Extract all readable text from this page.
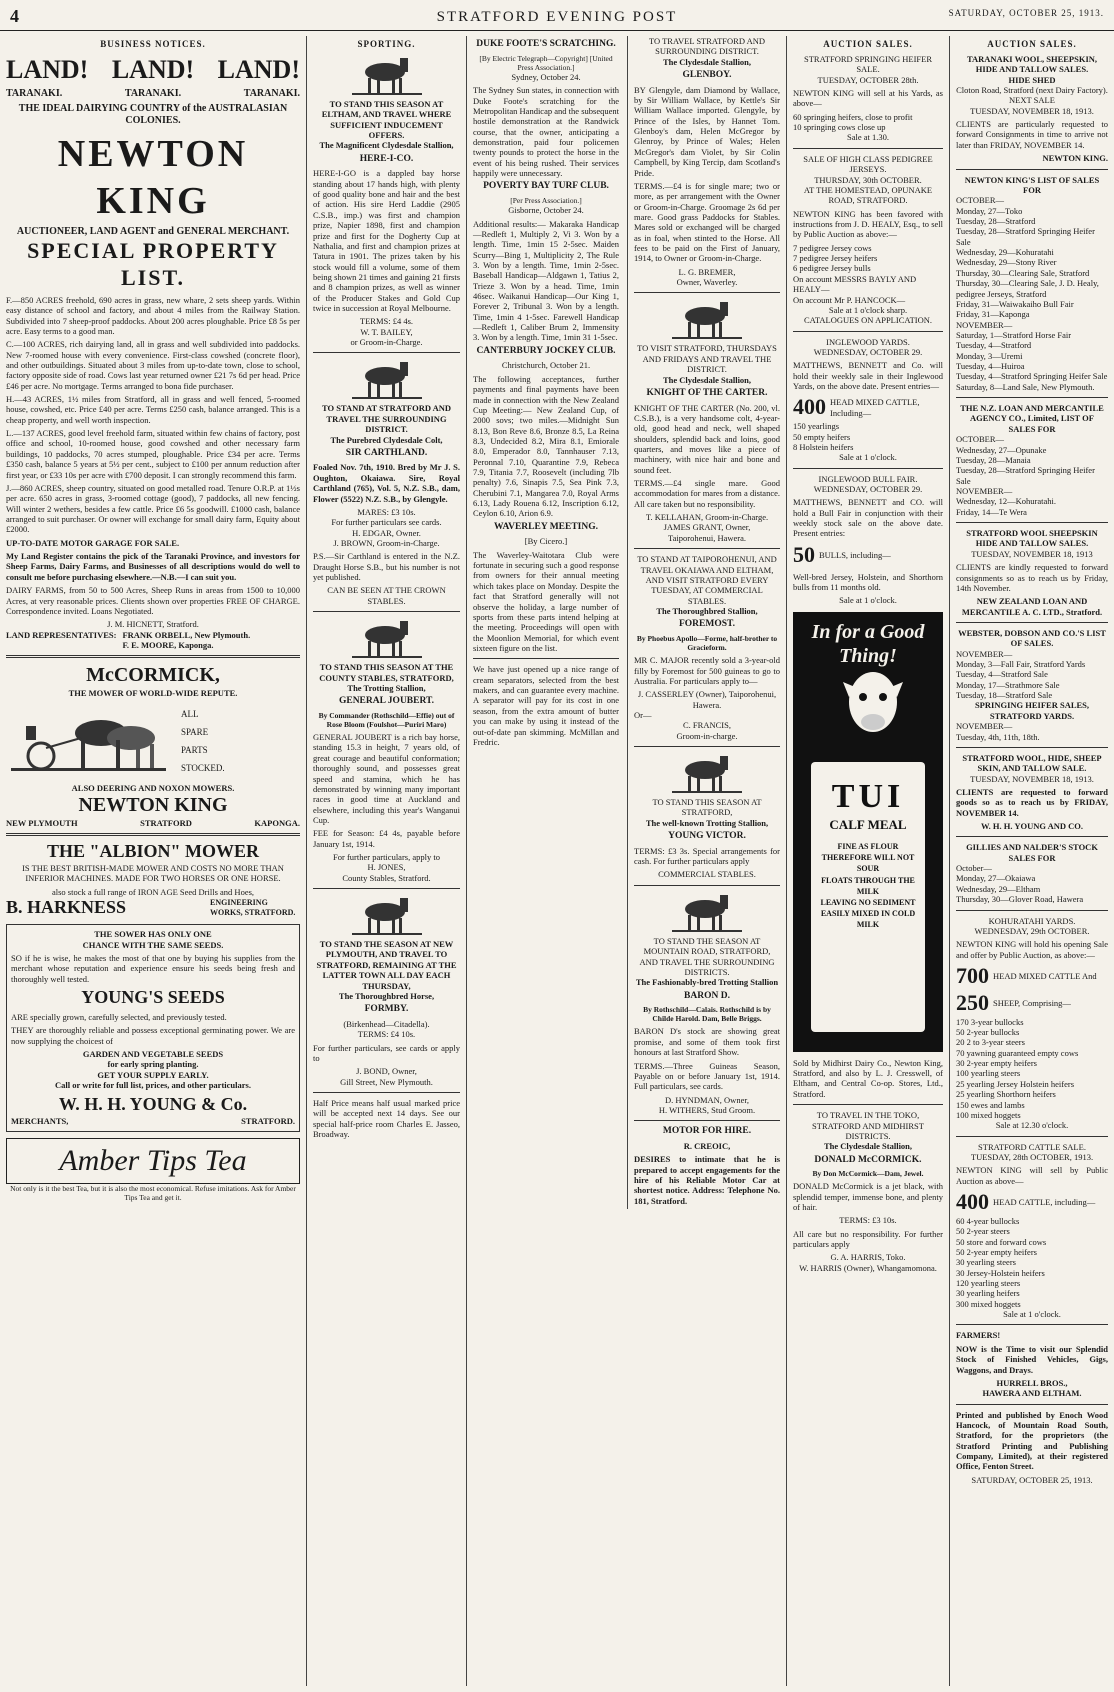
4	STRATFORD EVENING POST	SATURDAY, OCTOBER 25, 1913.
BUSINESS NOTICES.
LAND! LAND! LAND!
TARANAKI.	TARANAKI.	TARANAKI.
THE IDEAL DAIRYING COUNTRY of the AUSTRALASIAN COLONIES.
NEWTON KING
AUCTIONEER, LAND AGENT and GENERAL MERCHANT.
SPECIAL PROPERTY LIST.
F.—850 ACRES freehold, 690 acres in grass, new whare, 2 sets sheep yards. Within easy distance of school and factory, and about 4 miles from the Railway Station. Subdivided into 7 sheep-proof paddocks. About 200 acres ploughable. Price £8 5s per acre. Easy terms to a good man.
C.—100 ACRES, rich dairying land, all in grass and well subdivided into paddocks. New 7-roomed house with every convenience. First-class cowshed (concrete floor), and other outbuildings. Situated about 3 miles from up-to-date town, close to school, factory opposite side of road. Cows last year returned owner £21 7s 6d per head. Price £46 per acre. No mortgage. Terms arranged to bona fide purchaser.
H.—43 ACRES, 1½ miles from Stratford, all in grass and well fenced, 5-roomed house, cowshed, etc. Price £40 per acre. Terms £250 cash, balance arranged. This is a cheap property, and well worth inspection.
L.—137 ACRES, good level freehold farm, situated within few chains of factory, post office and school, 10-roomed house, good cowshed and other necessary farm buildings, 10 paddocks, 70 acres stumped, ploughable. Price £34 per acre. Terms £350 cash, balance 5 years at 5½ per cent., subject to £100 per annum reduction after first year, or £33 10s per acre with £700 deposit. I can strongly recommend this farm.
J.—860 ACRES, sheep country, situated on good metalled road. Tenure O.R.P. at 1½s per acre. 650 acres in grass, 3-roomed cottage (good), 7 paddocks, all new fencing. Will winter 2 wethers, besides a few cattle. Price £6 5s goodwill. £1000 cash, balance arranged to suit purchaser. Or owner will exchange for small dairy farm, Equity about £2000.
UP-TO-DATE MOTOR GARAGE FOR SALE.
My Land Register contains the pick of the Taranaki Province, and investors for Sheep Farms, Dairy Farms, and Businesses of all descriptions would do well to consult me before purchasing elsewhere.—N.B.—I can suit you.
DAIRY FARMS, from 50 to 500 Acres, Sheep Runs in areas from 1500 to 10,000 Acres, at very reasonable prices. Clients shown over properties FREE OF CHARGE. Correspondence invited. Loans Negotiated.
J. M. HICNETT, Stratford.
LAND REPRESENTATIVES: FRANK ORBELL, New Plymouth.
F. E. MOORE, Kaponga.
McCORMICK,
THE MOWER OF WORLD-WIDE REPUTE.
ALL
SPARE
PARTS
STOCKED.
ALSO DEERING AND NOXON MOWERS.
NEWTON KING
NEW PLYMOUTH	STRATFORD	KAPONGA.
THE "ALBION" MOWER
IS THE BEST BRITISH-MADE MOWER AND COSTS NO MORE THAN INFERIOR MACHINES. MADE FOR TWO HORSES OR ONE HORSE.
also stock a full range of IRON AGE Seed Drills and Hoes,
B. HARKNESS	ENGINEERING WORKS, STRATFORD.
THE SOWER HAS ONLY ONE
CHANCE WITH THE SAME SEEDS.
SO if he is wise, he makes the most of that one by buying his supplies from the merchant whose reputation and experience ensure his seeds being fresh and thoroughly well tested.
YOUNG'S SEEDS
ARE specially grown, carefully selected, and previously tested.
THEY are thoroughly reliable and possess exceptional germinating power. We are now supplying the choicest of
GARDEN AND VEGETABLE SEEDS
for early spring planting.
GET YOUR SUPPLY EARLY.
Call or write for full list, prices, and other particulars.
W. H. H. YOUNG & Co.
MERCHANTS,	STRATFORD.
Amber Tips Tea
Not only is it the best Tea, but it is also the most economical. Refuse imitations. Ask for Amber Tips Tea and get it.
SPORTING.
TO STAND THIS SEASON AT ELTHAM, AND TRAVEL WHERE SUFFICIENT INDUCEMENT OFFERS.
The Magnificent Clydesdale Stallion,
HERE-I-CO.
HERE-I-GO is a dappled bay horse standing about 17 hands high, with plenty of good quality bone and hair and the best of action. His sire Herd Laddie (2905 C.S.B., imp.) was first and champion prize, Napier 1898, first and champion prize and first for the Dogherty Cup at Nathalia, and first and champion prizes at Tatura in 1901. The prizes taken by his stock would fill a volume, some of them being shown 21 times and gaining 21 firsts and 8 champion prizes, as well as winner of the Producer Stakes and Gold Cup twice in succession at Royal Melbourne.
TERMS: £4 4s.
W. T. BAILEY,
or Groom-in-Charge.
TO STAND AT STRATFORD AND TRAVEL THE SURROUNDING DISTRICT.
The Purebred Clydesdale Colt,
SIR CARTHLAND.
Foaled Nov. 7th, 1910. Bred by Mr J. S. Oughton, Okaiawa. Sire, Royal Carthland (765), Vol. 5, N.Z. S.B., dam, Flower (5522) N.Z. S.B., by Glengyle.
MARES: £3 10s.
For further particulars see cards.
H. EDGAR, Owner.
J. BROWN, Groom-in-Charge.
P.S.—Sir Carthland is entered in the N.Z. Draught Horse S.B., but his number is not yet published.
CAN BE SEEN AT THE CROWN STABLES.
TO STAND THIS SEASON AT THE COUNTY STABLES, STRATFORD,
The Trotting Stallion,
GENERAL JOUBERT.
By Commander (Rothschild—Effie) out of Rose Bloom (Foulshot—Puriri Maro)
GENERAL JOUBERT is a rich bay horse, standing 15.3 in height, 7 years old, of great courage and beautiful conformation; thoroughly sound, and possesses great speed and stamina, which he has demonstrated by winning many important races in good time at Auckland and elsewhere, including this year's Wanganui Cup.
FEE for Season: £4 4s, payable before January 1st, 1914.
For further particulars, apply to
H. JONES,
County Stables, Stratford.
TO STAND THE SEASON AT NEW PLYMOUTH, AND TRAVEL TO STRATFORD, REMAINING AT THE LATTER TOWN ALL DAY EACH THURSDAY,
The Thoroughbred Horse,
FORMBY.
(Birkenhead—Citadella).
TERMS: £4 10s.
For further particulars, see cards or apply to
J. BOND, Owner,
Gill Street, New Plymouth.
Half Price means half usual marked price will be accepted next 14 days. See our special half-price room Charles E. Jasseo, Broadway.
DUKE FOOTE'S SCRATCHING.
[By Electric Telegraph—Copyright] [United Press Association.]
Sydney, October 24.
The Sydney Sun states, in connection with Duke Foote's scratching for the Metropolitan Handicap and the subsequent hostile demonstration at the Randwick course, that the owner, anticipating a demonstration, paid four policemen twenty pounds to protect the horse in the event of his being rushed. Their services happily were unnecessary.
POVERTY BAY TURF CLUB.
[Per Press Association.]
Gisborne, October 24.
Additional results:— Makaraka Handicap—Redleft 1, Multiply 2, Vi 3. Won by a length. Time, 1min 15 2-5sec. Maiden Scurry—Bing 1, Multiplicity 2, The Rule 3. Won by a length. Time, 1min 2-5sec. Baseball Handicap—Aldgawn 1, Tatius 2, Trieze 3. Won by a head. Time, 1min 46sec. Waikanui Handicap—Our King 1, Forever 2, Tribunal 3. Won by a length. Time, 1min 4 1-5sec. Farewell Handicap—Redleft 1, Caliber Brum 2, Immensity 3. Won by a length. Time, 1min 31 1-5sec.
CANTERBURY JOCKEY CLUB.
Christchurch, October 21.
The following acceptances, further payments and final payments have been made in connection with the New Zealand Cup Meeting:— New Zealand Cup, of 2000 sovs; two miles.—Midnight Sun 8.13, Bon Reve 8.6, Bronze 8.5, La Reina 8.3, Undecided 8.2, Mira 8.1, Emiorale 8.0, Emperador 8.0, Tannhauser 7.13, Peronnal 7.10, Quarantine 7.9, Rebeca 7.9, Titania 7.7, Roosevelt (including 7lb penalty) 7.6, Sinapis 7.5, Sea Pink 7.3, Cherubini 7.1, Mangarea 7.0, Royal Arms 6.13, Lady Rouena 6.12, Inscription 6.12, Ceylon 6.10, Arion 6.9.
WAVERLEY MEETING.
[By Cicero.]
The Waverley-Waitotara Club were fortunate in securing such a good response from owners for their annual meeting which takes place on Monday. Despite the fact that Stratford generally will not observe the holiday, a large number of sports from these parts intend helping at the meeting. Proceedings will open with the Moonlion Memorial, for which event sixteen figure on the list.
We have just opened up a nice range of cream separators, selected from the best makers, and can guarantee every machine. A separator will pay for its cost in one season, from the extra amount of butter you can make by using it instead of the out-of-date pan skimming. McMillan and Fredric.
TO TRAVEL STRATFORD AND SURROUNDING DISTRICT.
The Clydesdale Stallion,
GLENBOY.
BY Glengyle, dam Diamond by Wallace, by Sir William Wallace, by Kettle's Sir William Wallace imported. Glengyle, by Prince of the Isles, by Hannet Tom. Glenboy's dam, Helen McGregor by Glenroy, by Prince of Wales; Helen McGregor's dam Violet, by Sir Colin Campbell, by King Tercip, dam Scotland's Pride.
TERMS.—£4 is for single mare; two or more, as per arrangement with the Owner or Groom-in-Charge. Groomage 2s 6d per mare. Good grass Paddocks for Stables. Mares sold or exchanged will be charged as in foal, when stinted to the Horse. All fees to be paid on the First of January, 1914, to Owner or Groom-in-Charge.
L. G. BREMER,
Owner, Waverley.
TO VISIT STRATFORD, THURSDAYS AND FRIDAYS AND TRAVEL THE DISTRICT.
The Clydesdale Stallion,
KNIGHT OF THE CARTER.
KNIGHT OF THE CARTER (No. 200, vl. C.S.B.), is a very handsome colt, 4-year-old, good head and neck, well shaped shoulders, splendid back and loins, good quarters, and moves like a piece of machinery, with nice hair and bone and sound feet.
TERMS.—£4 single mare. Good accommodation for mares from a distance. All care taken but no responsibility.
T. KELLAHAN, Groom-in-Charge.
JAMES GRANT, Owner,
Taiporohenui, Hawera.
TO STAND AT TAIPOROHENUI, AND TRAVEL OKAIAWA AND ELTHAM, AND VISIT STRATFORD EVERY TUESDAY, AT COMMERCIAL STABLES.
The Thoroughbred Stallion,
FOREMOST.
By Phoebus Apollo—Forme, half-brother to Gracieform.
MR C. MAJOR recently sold a 3-year-old filly by Foremost for 500 guineas to go to Australia. For particulars apply to—
J. CASSERLEY (Owner), Taiporohenui, Hawera.
Or—
C. FRANCIS,
Groom-in-charge.
TO STAND THIS SEASON AT STRATFORD,
The well-known Trotting Stallion,
YOUNG VICTOR.
TERMS: £3 3s. Special arrangements for cash. For further particulars apply
COMMERCIAL STABLES.
TO STAND THE SEASON AT MOUNTAIN ROAD, STRATFORD, AND TRAVEL THE SURROUNDING DISTRICTS.
The Fashionably-bred Trotting Stallion
BARON D.
By Rothschild—Calais. Rothschild is by Childe Harold. Dam, Belle Briggs.
BARON D's stock are showing great promise, and some of them took first honours at last Stratford Show.
TERMS.—Three Guineas Season, Payable on or before January 1st, 1914. Full particulars, see cards.
D. HYNDMAN, Owner,
H. WITHERS, Stud Groom.
MOTOR FOR HIRE.
R. CREOIC,
DESIRES to intimate that he is prepared to accept engagements for the hire of his Reliable Motor Car at shortest notice. Address: Telephone No. 181, Stratford.
AUCTION SALES.
STRATFORD SPRINGING HEIFER SALE.
TUESDAY, OCTOBER 28th.
NEWTON KING will sell at his Yards, as above—
60 springing heifers, close to profit
10 springing cows close up
Sale at 1.30.
SALE OF HIGH CLASS PEDIGREE JERSEYS.
THURSDAY, 30th OCTOBER.
AT THE HOMESTEAD, OPUNAKE ROAD, STRATFORD.
NEWTON KING has been favored with instructions from J. D. HEALY, Esq., to sell by Public Auction as above:—
7 pedigree Jersey cows
7 pedigree Jersey heifers
6 pedigree Jersey bulls
On account MESSRS BAYLY AND HEALY—
On account Mr P. HANCOCK—
Sale at 1 o'clock sharp.
CATALOGUES ON APPLICATION.
INGLEWOOD YARDS.
WEDNESDAY, OCTOBER 29.
MATTHEWS, BENNETT and Co. will hold their weekly sale in their Inglewood Yards, on the above date. Present entries—
400 HEAD MIXED CATTLE, Including—
150 yearlings
50 empty heifers
8 Holstein heifers
Sale at 1 o'clock.
INGLEWOOD BULL FAIR.
WEDNESDAY, OCTOBER 29.
MATTHEWS, BENNETT and CO. will hold a Bull Fair in conjunction with their weekly stock sale on the above date. Present entries:
50 BULLS, including—
Well-bred Jersey, Holstein, and Shorthorn bulls from 11 months old.
Sale at 1 o'clock.
In for a Good Thing!
TUI
CALF MEAL
FINE AS FLOUR
THEREFORE WILL NOT SOUR
FLOATS THROUGH THE MILK
LEAVING NO SEDIMENT
EASILY MIXED IN COLD MILK
Sold by Midhirst Dairy Co., Newton King, Stratford, and also by L. J. Cresswell, of Eltham, and Central Co-op. Stores, Ltd., Stratford.
TO TRAVEL IN THE TOKO, STRATFORD AND MIDHIRST DISTRICTS.
The Clydesdale Stallion,
DONALD McCORMICK.
By Don McCormick—Dam, Jewel.
DONALD McCormick is a jet black, with splendid temper, immense bone, and plenty of hair.
TERMS: £3 10s.
All care but no responsibility. For further particulars apply
G. A. HARRIS, Toko.
W. HARRIS (Owner), Whangamomona.
AUCTION SALES.
TARANAKI WOOL, SHEEPSKIN, HIDE AND TALLOW SALES.
HIDE SHED
Cloton Road, Stratford (next Dairy Factory).
NEXT SALE
TUESDAY, NOVEMBER 18, 1913.
CLIENTS are particularly requested to forward Consignments in time to arrive not later than FRIDAY, NOVEMBER 14.
NEWTON KING.
NEWTON KING'S LIST OF SALES FOR
OCTOBER—
Monday, 27—Toko
Tuesday, 28—Stratford
Tuesday, 28—Stratford Springing Heifer Sale
Wednesday, 29—Kohuratahi
Wednesday, 29—Stony River
Thursday, 30—Clearing Sale, Stratford
Thursday, 30—Clearing Sale, J. D. Healy, pedigree Jerseys, Stratford
Friday, 31—Waiwakaiho Bull Fair
Friday, 31—Kaponga
NOVEMBER—
Saturday, 1—Stratford Horse Fair
Tuesday, 4—Stratford
Monday, 3—Uremi
Tuesday, 4—Huiroa
Tuesday, 4—Stratford Springing Heifer Sale
Saturday, 8—Land Sale, New Plymouth.
THE N.Z. LOAN AND MERCANTILE AGENCY CO., Limited, LIST OF SALES FOR
OCTOBER—
Wednesday, 27—Opunake
Tuesday, 28—Manaia
Tuesday, 28—Stratford Springing Heifer Sale
NOVEMBER—
Wednesday, 12—Kohuratahi.
Friday, 14—Te Wera
STRATFORD WOOL SHEEPSKIN HIDE AND TALLOW SALES.
TUESDAY, NOVEMBER 18, 1913
CLIENTS are kindly requested to forward consignments so as to reach us by Friday, 14th November.
NEW ZEALAND LOAN AND MERCANTILE A. C. LTD., Stratford.
WEBSTER, DOBSON AND CO.'S LIST OF SALES.
NOVEMBER—
Monday, 3—Fall Fair, Stratford Yards
Tuesday, 4—Stratford Sale
Monday, 17—Strathmore Sale
Tuesday, 18—Stratford Sale
SPRINGING HEIFER SALES, STRATFORD YARDS.
NOVEMBER—
Tuesday, 4th, 11th, 18th.
STRATFORD WOOL, HIDE, SHEEP SKIN, AND TALLOW SALE.
TUESDAY, NOVEMBER 18, 1913.
CLIENTS are requested to forward goods so as to reach us by FRIDAY, NOVEMBER 14.
W. H. H. YOUNG AND CO.
GILLIES AND NALDER'S STOCK SALES FOR
October—
Monday, 27—Okaiawa
Wednesday, 29—Eltham
Thursday, 30—Glover Road, Hawera
KOHURATAHI YARDS.
WEDNESDAY, 29th OCTOBER.
NEWTON KING will hold his opening Sale and offer by Public Auction, as above:—
700 HEAD MIXED CATTLE And
250 SHEEP, Comprising—
170 3-year bullocks
50 2-year bullocks
20 2 to 3-year steers
70 yawning guaranteed empty cows
30 2-year empty heifers
100 yearling steers
25 yearling Jersey Holstein heifers
25 yearling Shorthorn heifers
150 ewes and lambs
100 mixed hoggets
Sale at 12.30 o'clock.
STRATFORD CATTLE SALE.
TUESDAY, 28th OCTOBER, 1913.
NEWTON KING will sell by Public Auction as above—
400 HEAD CATTLE, including—
60 4-year bullocks
50 2-year steers
50 store and forward cows
50 2-year empty heifers
30 yearling steers
30 Jersey-Holstein heifers
120 yearling steers
30 yearling heifers
300 mixed hoggets
Sale at 1 o'clock.
FARMERS!
NOW is the Time to visit our Splendid Stock of Finished Vehicles, Gigs, Waggons, and Drays.
HURRELL BROS.,
HAWERA AND ELTHAM.
Printed and published by Enoch Wood Hancock, of Mountain Road South, Stratford, for the proprietors (the Stratford Printing and Publishing Company, Limited), at their registered Office, Fenton Street.
SATURDAY, OCTOBER 25, 1913.
